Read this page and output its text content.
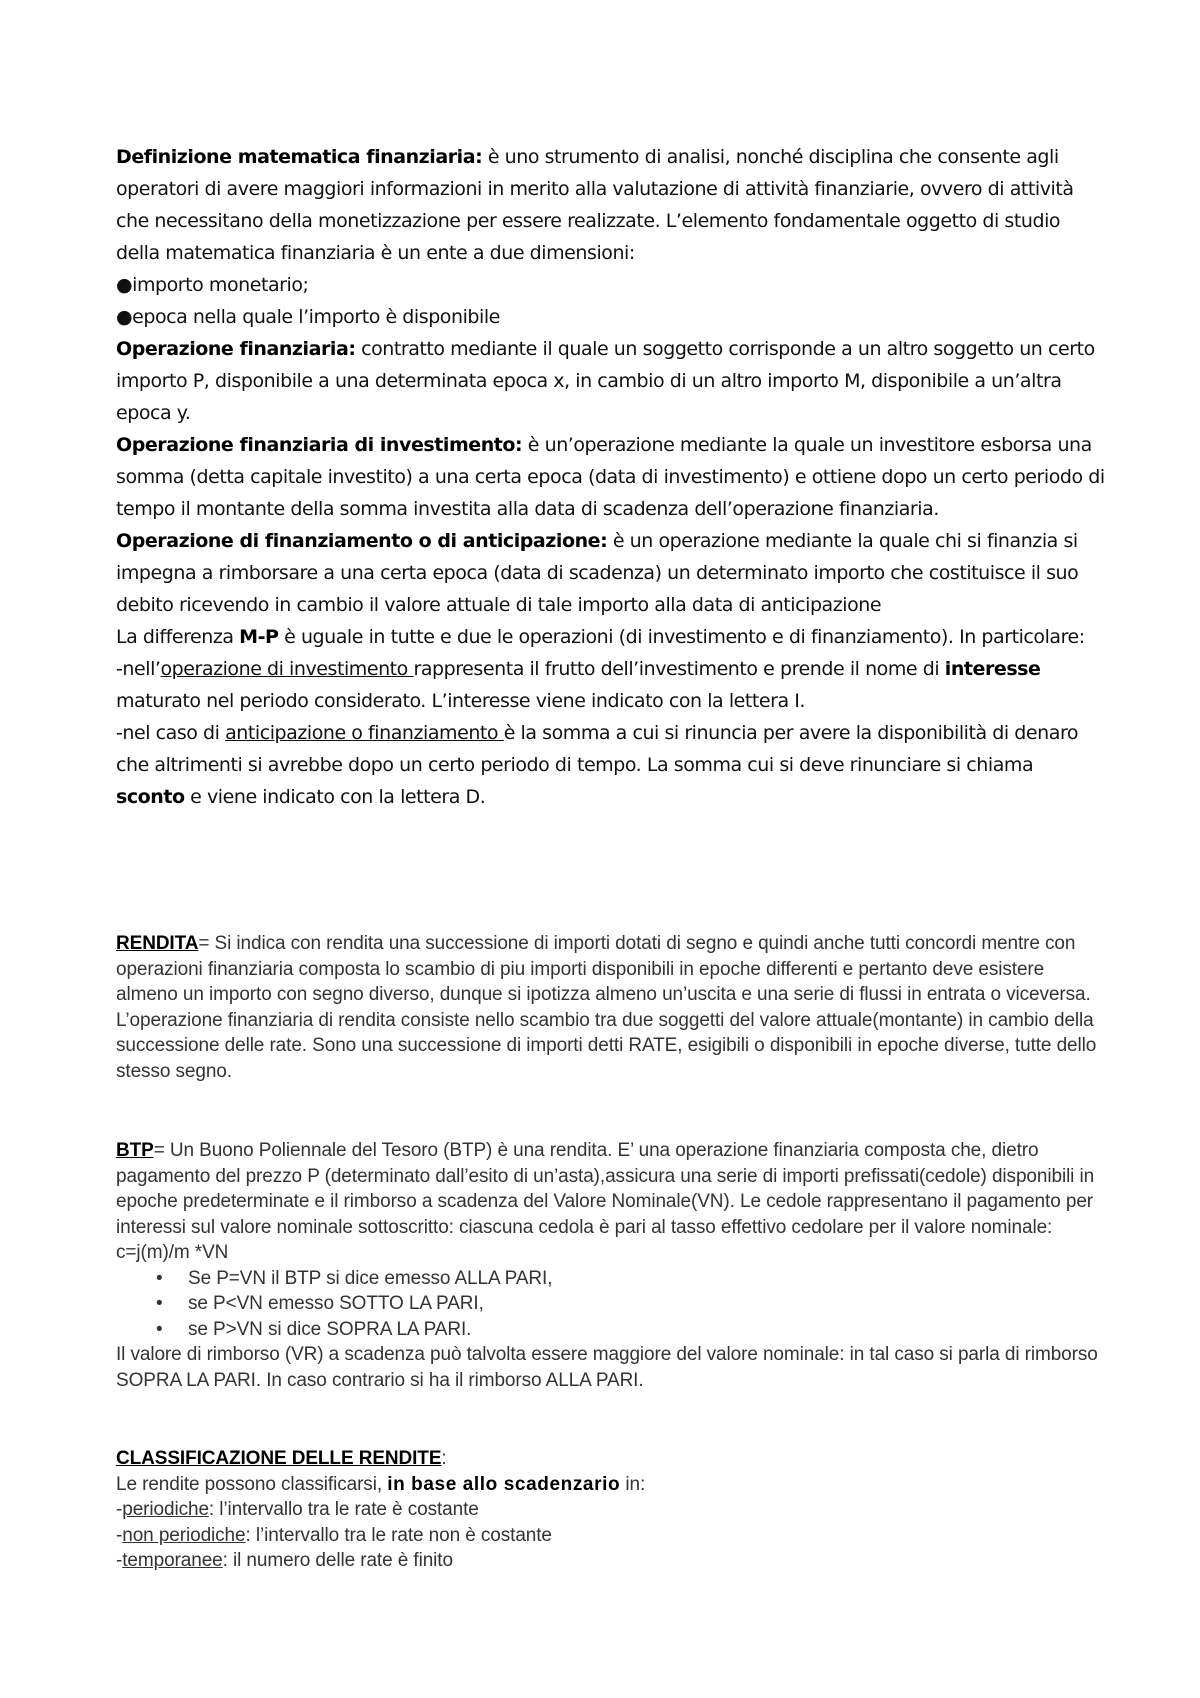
Definizione matematica finanziaria: è uno strumento di analisi, nonché disciplina che consente agli operatori di avere maggiori informazioni in merito alla valutazione di attività finanziarie, ovvero di attività che necessitano della monetizzazione per essere realizzate. L’elemento fondamentale oggetto di studio della matematica finanziaria è un ente a due dimensioni:

●importo monetario;

●epoca nella quale l’importo è disponibile

Operazione finanziaria: contratto mediante il quale un soggetto corrisponde a un altro soggetto un certo importo P, disponibile a una determinata epoca x, in cambio di un altro importo M, disponibile a un’altra epoca y.

Operazione finanziaria di investimento: è un’operazione mediante la quale un investitore esborsa una somma (detta capitale investito) a una certa epoca (data di investimento) e ottiene dopo un certo periodo di tempo il montante della somma investita alla data di scadenza dell’operazione finanziaria.

Operazione di finanziamento o di anticipazione: è un operazione mediante la quale chi si finanzia si impegna a rimborsare a una certa epoca (data di scadenza) un determinato importo che costituisce il suo debito ricevendo in cambio il valore attuale di tale importo alla data di anticipazione

La differenza M-P è uguale in tutte e due le operazioni (di investimento e di finanziamento). In particolare:

-nell’operazione di investimento rappresenta il frutto dell’investimento e prende il nome di interesse maturato nel periodo considerato. L’interesse viene indicato con la lettera I.

-nel caso di anticipazione o finanziamento è la somma a cui si rinuncia per avere la disponibilità di denaro che altrimenti si avrebbe dopo un certo periodo di tempo. La somma cui si deve rinunciare si chiama sconto e viene indicato con la lettera D.

RENDITA= Si indica con rendita una successione di importi dotati di segno e quindi anche tutti concordi mentre con operazioni finanziaria composta lo scambio di piu importi disponibili in epoche differenti e pertanto deve esistere almeno un importo con segno diverso, dunque si ipotizza almeno un’uscita e una serie di flussi in entrata o viceversa.

L’operazione finanziaria di rendita consiste nello scambio tra due soggetti del valore attuale(montante) in cambio della successione delle rate. Sono una successione di importi detti RATE, esigibili o disponibili in epoche diverse, tutte dello stesso segno.

BTP= Un Buono Poliennale del Tesoro (BTP) è una rendita. E’ una operazione finanziaria composta che, dietro pagamento del prezzo P (determinato dall’esito di un’asta),assicura una serie di importi prefissati(cedole) disponibili in epoche predeterminate e il rimborso a scadenza del Valore Nominale(VN). Le cedole rappresentano il pagamento per interessi sul valore nominale sottoscritto: ciascuna cedola è pari al tasso effettivo cedolare per il valore nominale: c=j(m)/m *VN

• Se P=VN il BTP si dice emesso ALLA PARI,
• se P<VN emesso SOTTO LA PARI,
• se P>VN si dice SOPRA LA PARI.

Il valore di rimborso (VR) a scadenza può talvolta essere maggiore del valore nominale: in tal caso si parla di rimborso SOPRA LA PARI. In caso contrario si ha il rimborso ALLA PARI.

CLASSIFICAZIONE DELLE RENDITE:

Le rendite possono classificarsi, in base allo scadenzario in:

-periodiche: l’intervallo tra le rate è costante

-non periodiche: l’intervallo tra le rate non è costante

-temporanee: il numero delle rate è finito
